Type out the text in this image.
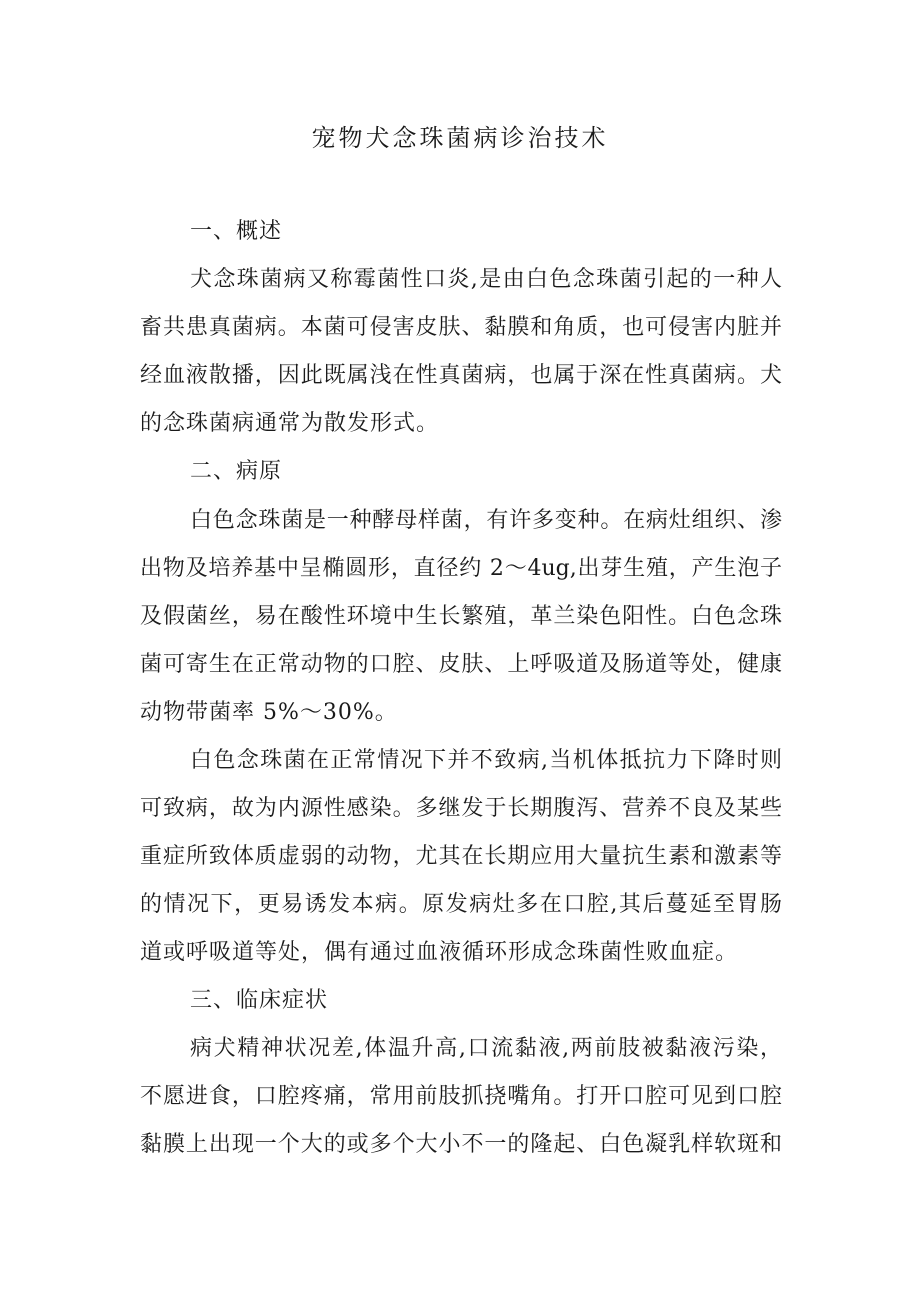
宠物犬念珠菌病诊治技术
一、概述
犬念珠菌病又称霉菌性口炎,是由白色念珠菌引起的一种人
畜共患真菌病。本菌可侵害皮肤、黏膜和角质，也可侵害内脏并
经血液散播，因此既属浅在性真菌病，也属于深在性真菌病。犬
的念珠菌病通常为散发形式。
二、病原
白色念珠菌是一种酵母样菌，有许多变种。在病灶组织、渗
出物及培养基中呈椭圆形，直径约 2～4ug,出芽生殖，产生泡子
及假菌丝，易在酸性环境中生长繁殖，革兰染色阳性。白色念珠
菌可寄生在正常动物的口腔、皮肤、上呼吸道及肠道等处，健康
动物带菌率 5%～30%。
白色念珠菌在正常情况下并不致病,当机体抵抗力下降时则
可致病，故为内源性感染。多继发于长期腹泻、营养不良及某些
重症所致体质虚弱的动物，尤其在长期应用大量抗生素和激素等
的情况下，更易诱发本病。原发病灶多在口腔,其后蔓延至胃肠
道或呼吸道等处，偶有通过血液循环形成念珠菌性败血症。
三、临床症状
病犬精神状况差,体温升高,口流黏液,两前肢被黏液污染，
不愿进食，口腔疼痛，常用前肢抓挠嘴角。打开口腔可见到口腔
黏膜上出现一个大的或多个大小不一的隆起、白色凝乳样软斑和
